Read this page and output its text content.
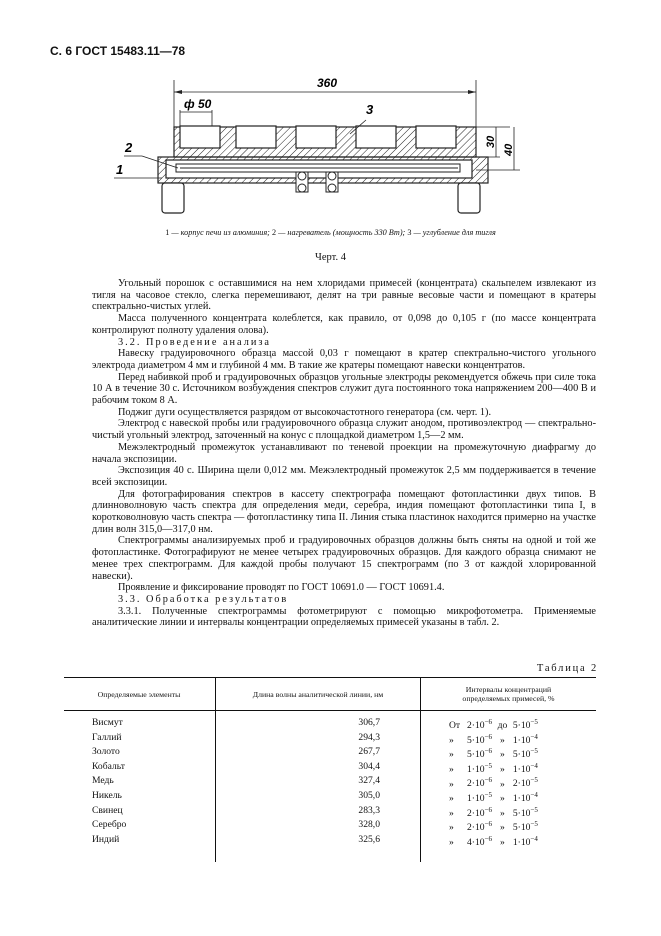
С. 6 ГОСТ 15483.11—78
360
ф 50
30
40
3
2
1
1 — корпус печи из алюминия; 2 — нагреватель (мощность 330 Вт); 3 — углубление для тигля
Черт. 4

Угольный порошок с оставшимися на нем хлоридами примесей (концентрата) скальпелем извлекают из тигля на часовое стекло, слегка перемешивают, делят на три равные весовые части и помещают в кратеры спектрально-чистых углей.

Масса полученного концентрата колеблется, как правило, от 0,098 до 0,105 г (по массе концентрата контролируют полноту удаления олова).

3.2. Проведение анализа

Навеску градуировочного образца массой 0,03 г помещают в кратер спектрально-чистого угольного электрода диаметром 4 мм и глубиной 4 мм. В такие же кратеры помещают навески концентратов.

Перед набивкой проб и градуировочных образцов угольные электроды рекомендуется обжечь при силе тока 10 А в течение 30 с. Источником возбуждения спектров служит дуга постоянного тока напряжением 200—400 В и рабочим током 8 А.

Поджиг дуги осуществляется разрядом от высокочастотного генератора (см. черт. 1).

Электрод с навеской пробы или градуировочного образца служит анодом, противоэлектрод — спектрально-чистый угольный электрод, заточенный на конус с площадкой диаметром 1,5—2 мм.

Межэлектродный промежуток устанавливают по теневой проекции на промежуточную диафрагму до начала экспозиции.

Экспозиция 40 с. Ширина щели 0,012 мм. Межэлектродный промежуток 2,5 мм поддерживается в течение всей экспозиции.

Для фотографирования спектров в кассету спектрографа помещают фотопластинки двух типов. В длинноволновую часть спектра для определения меди, серебра, индия помещают фотопластинки типа I, в коротковолновую часть спектра — фотопластинку типа II. Линия стыка пластинок находится примерно на участке длин волн 315,0—317,0 нм.

Спектрограммы анализируемых проб и градуировочных образцов должны быть сняты на одной и той же фотопластинке. Фотографируют не менее четырех градуировочных образцов. Для каждого образца снимают не менее трех спектрограмм. Для каждой пробы получают 15 спектрограмм (по 3 от каждой хлорированной навески).

Проявление и фиксирование проводят по ГОСТ 10691.0 — ГОСТ 10691.4.

3.3. Обработка результатов

3.3.1. Полученные спектрограммы фотометрируют с помощью микрофотометра. Применяемые аналитические линии и интервалы концентрации определяемых примесей указаны в табл. 2.

Таблица 2
Определяемые элементы	Длина волны аналитической линии, нм	Интервалы концентраций определяемых примесей, %
Висмут	306,7	От $2\cdot 10^{-6}$ до $5\cdot 10^{-5}$
Галлий	294,3	» $5\cdot 10^{-6}$ » $1\cdot 10^{-4}$
Золото	267,7	» $5\cdot 10^{-6}$ » $5\cdot 10^{-5}$
Кобальт	304,4	» $1\cdot 10^{-5}$ » $1\cdot 10^{-4}$
Медь	327,4	» $2\cdot 10^{-6}$ » $2\cdot 10^{-5}$
Никель	305,0	» $1\cdot 10^{-5}$ » $1\cdot 10^{-4}$
Свинец	283,3	» $2\cdot 10^{-6}$ » $5\cdot 10^{-5}$
Серебро	328,0	» $2\cdot 10^{-6}$ » $5\cdot 10^{-5}$
Индий	325,6	» $4\cdot 10^{-6}$ » $1\cdot 10^{-4}$
